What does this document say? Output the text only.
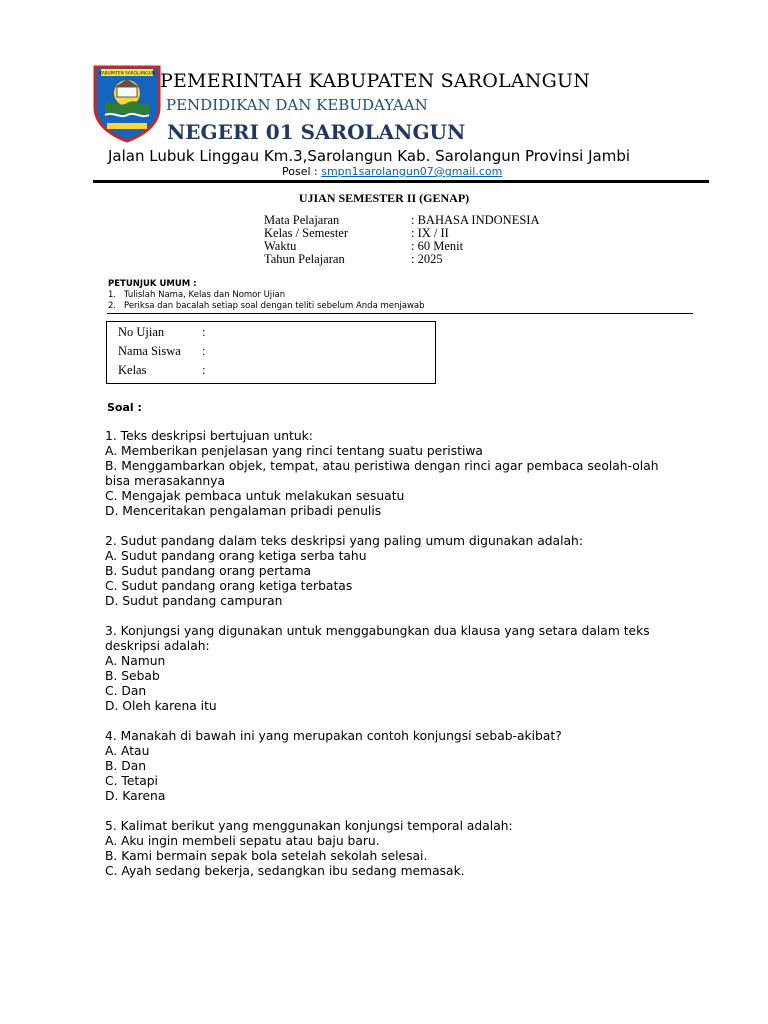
KABUPATEN SAROLANGUN PEMERINTAH KABUPATEN SAROLANGUN
PENDIDIKAN DAN KEBUDAYAAN
NEGERI 01 SAROLANGUN
Jalan Lubuk Linggau Km.3,Sarolangun Kab. Sarolangun Provinsi Jambi
Posel : smpn1sarolangun07@gmail.com
UJIAN SEMESTER II (GENAP)
Mata Pelajaran	: BAHASA INDONESIA
Kelas / Semester	: IX / II
Waktu	: 60 Menit
Tahun Pelajaran	: 2025
PETUNJUK UMUM :
1. Tulislah Nama, Kelas dan Nomor Ujian
2. Periksa dan bacalah setiap soal dengan teliti sebelum Anda menjawab
No Ujian	:
Nama Siswa	:
Kelas	:
Soal :
1. Teks deskripsi bertujuan untuk:
A. Memberikan penjelasan yang rinci tentang suatu peristiwa
B. Menggambarkan objek, tempat, atau peristiwa dengan rinci agar pembaca seolah-olah
bisa merasakannya
C. Mengajak pembaca untuk melakukan sesuatu
D. Menceritakan pengalaman pribadi penulis
2. Sudut pandang dalam teks deskripsi yang paling umum digunakan adalah:
A. Sudut pandang orang ketiga serba tahu
B. Sudut pandang orang pertama
C. Sudut pandang orang ketiga terbatas
D. Sudut pandang campuran
3. Konjungsi yang digunakan untuk menggabungkan dua klausa yang setara dalam teks
deskripsi adalah:
A. Namun
B. Sebab
C. Dan
D. Oleh karena itu
4. Manakah di bawah ini yang merupakan contoh konjungsi sebab-akibat?
A. Atau
B. Dan
C. Tetapi
D. Karena
5. Kalimat berikut yang menggunakan konjungsi temporal adalah:
A. Aku ingin membeli sepatu atau baju baru.
B. Kami bermain sepak bola setelah sekolah selesai.
C. Ayah sedang bekerja, sedangkan ibu sedang memasak.
